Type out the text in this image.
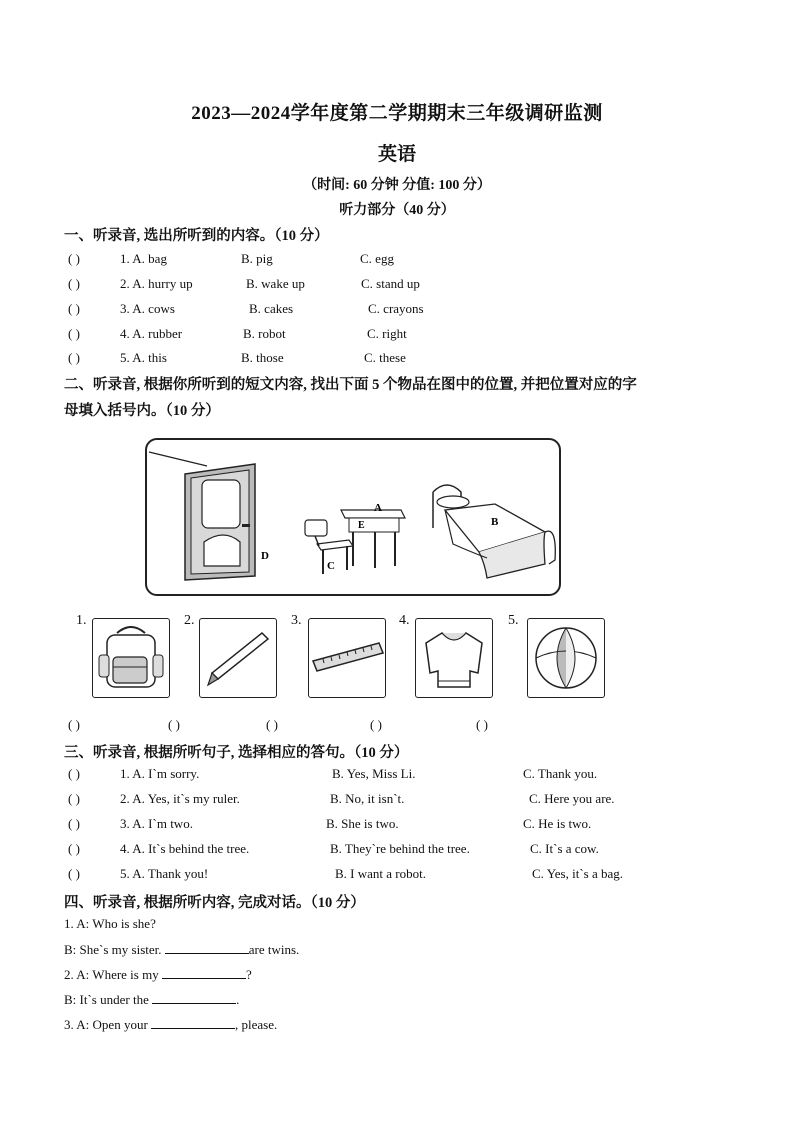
2023—2024学年度第二学期期末三年级调研监测
英语
（时间: 60 分钟 分值: 100 分）
听力部分（40 分）
一、听录音, 选出所听到的内容。（10 分）
( )	1. A. bag	B. pig	C. egg
( )	2. A. hurry up	B. wake up	C. stand up
( )	3. A. cows	B. cakes	C. crayons
( )	4. A. rubber	B. robot	C. right
( )	5. A. this	B. those	C. these
二、听录音, 根据你所听到的短文内容, 找出下面 5 个物品在图中的位置, 并把位置对应的字
母填入括号内。（10 分）
D
A
E
C
B
1.	2.	3.	4.	5.
( )	( )	( )	( )	( )
三、听录音, 根据所听句子, 选择相应的答句。（10 分）
( )	1. A. I`m sorry.	B. Yes, Miss Li.	C. Thank you.
( )	2. A. Yes, it`s my ruler.	B. No, it isn`t.	C. Here you are.
( )	3. A. I`m two.	B. She is two.	C. He is two.
( )	4. A. It`s behind the tree.	B. They`re behind the tree.	C. It`s a cow.
( )	5. A. Thank you!	B. I want a robot.	C. Yes, it`s a bag.
四、听录音, 根据所听内容, 完成对话。（10 分）
1. A: Who is she?
B: She`s my sister.	are twins.
2. A: Where is my	?
B: It`s under the	.
3. A: Open your	, please.
